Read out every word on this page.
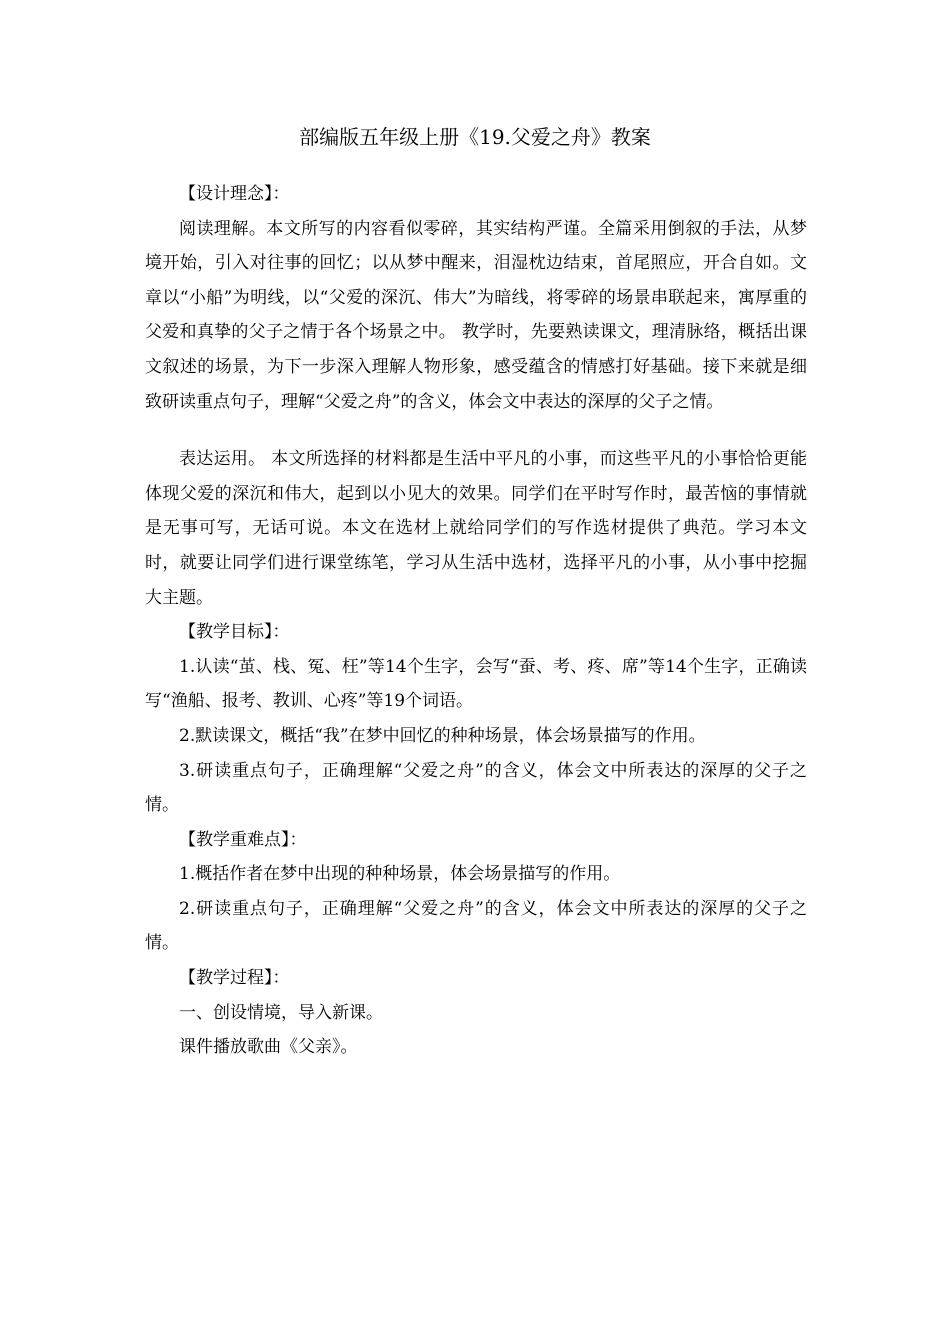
部编版五年级上册《19.父爱之舟》教案

【设计理念】：

阅读理解。本文所写的内容看似零碎，其实结构严谨。全篇采用倒叙的手法，从梦境开始，引入对往事的回忆；以从梦中醒来，泪湿枕边结束，首尾照应，开合自如。文章以“小船”为明线，以“父爱的深沉、伟大”为暗线，将零碎的场景串联起来，寓厚重的父爱和真挚的父子之情于各个场景之中。 教学时，先要熟读课文，理清脉络，概括出课文叙述的场景，为下一步深入理解人物形象，感受蕴含的情感打好基础。接下来就是细致研读重点句子，理解“父爱之舟”的含义，体会文中表达的深厚的父子之情。

表达运用。 本文所选择的材料都是生活中平凡的小事，而这些平凡的小事恰恰更能体现父爱的深沉和伟大，起到以小见大的效果。同学们在平时写作时，最苦恼的事情就是无事可写，无话可说。本文在选材上就给同学们的写作选材提供了典范。学习本文时，就要让同学们进行课堂练笔，学习从生活中选材，选择平凡的小事，从小事中挖掘大主题。

【教学目标】：

1.认读“茧、栈、冤、枉”等14个生字，会写“蚕、考、疼、席”等14个生字，正确读写“渔船、报考、教训、心疼”等19个词语。

2.默读课文，概括“我”在梦中回忆的种种场景，体会场景描写的作用。

3.研读重点句子，正确理解“父爱之舟”的含义，体会文中所表达的深厚的父子之情。

【教学重难点】：

1.概括作者在梦中出现的种种场景，体会场景描写的作用。

2.研读重点句子，正确理解“父爱之舟”的含义，体会文中所表达的深厚的父子之情。

【教学过程】：

一、创设情境，导入新课。

课件播放歌曲《父亲》。
